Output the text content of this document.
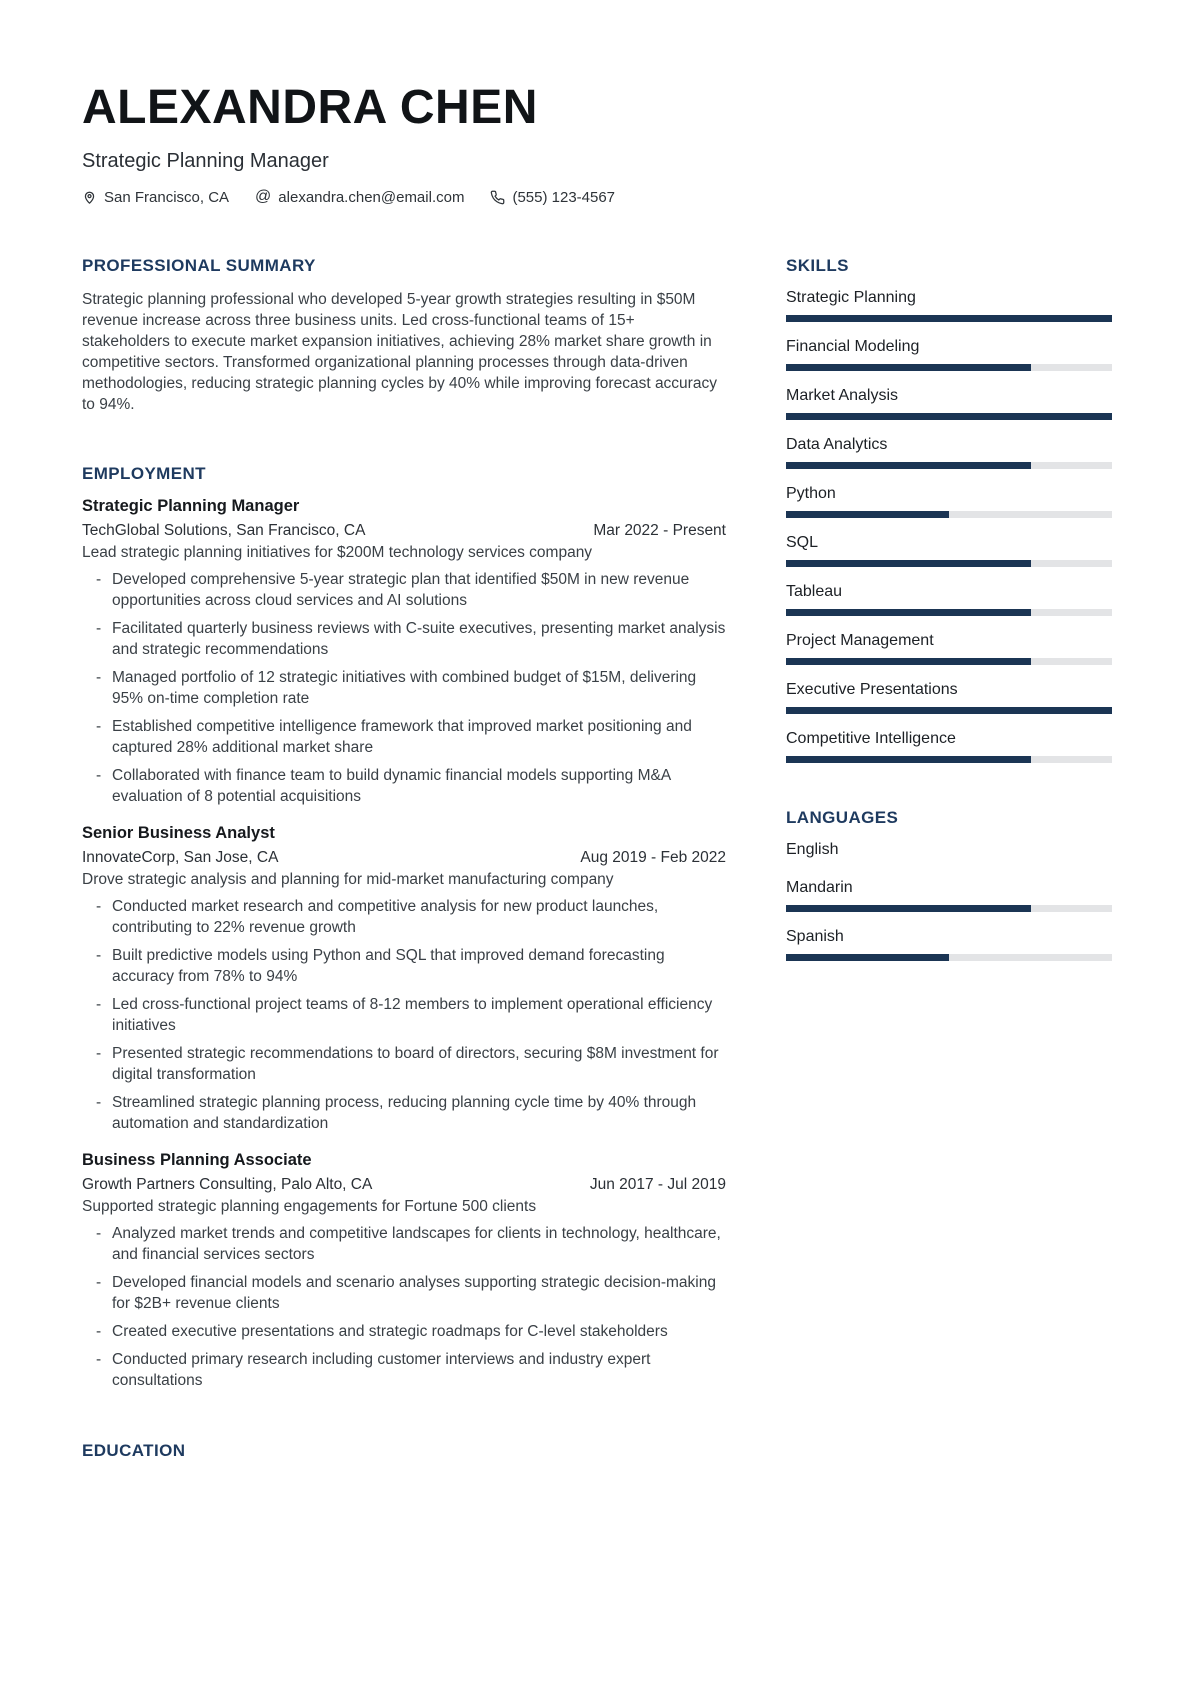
ALEXANDRA CHEN
Strategic Planning Manager
San Francisco, CA @ alexandra.chen@email.com	(555) 123-4567
PROFESSIONAL SUMMARY

Strategic planning professional who developed 5-year growth strategies resulting in $50M revenue increase across three business units. Led cross-functional teams of 15+ stakeholders to execute market expansion initiatives, achieving 28% market share growth in competitive sectors. Transformed organizational planning processes through data-driven methodologies, reducing strategic planning cycles by 40% while improving forecast accuracy to 94%.

EMPLOYMENT
Strategic Planning Manager
TechGlobal Solutions, San Francisco, CA	Mar 2022 - Present
Lead strategic planning initiatives for $200M technology services company
- Developed comprehensive 5-year strategic plan that identified $50M in new revenue opportunities across cloud services and AI solutions
- Facilitated quarterly business reviews with C-suite executives, presenting market analysis and strategic recommendations
- Managed portfolio of 12 strategic initiatives with combined budget of $15M, delivering 95% on-time completion rate
- Established competitive intelligence framework that improved market positioning and captured 28% additional market share
- Collaborated with finance team to build dynamic financial models supporting M&A evaluation of 8 potential acquisitions
Senior Business Analyst
InnovateCorp, San Jose, CA	Aug 2019 - Feb 2022
Drove strategic analysis and planning for mid-market manufacturing company
- Conducted market research and competitive analysis for new product launches, contributing to 22% revenue growth
- Built predictive models using Python and SQL that improved demand forecasting accuracy from 78% to 94%
- Led cross-functional project teams of 8-12 members to implement operational efficiency initiatives
- Presented strategic recommendations to board of directors, securing $8M investment for digital transformation
- Streamlined strategic planning process, reducing planning cycle time by 40% through automation and standardization
Business Planning Associate
Growth Partners Consulting, Palo Alto, CA	Jun 2017 - Jul 2019
Supported strategic planning engagements for Fortune 500 clients
- Analyzed market trends and competitive landscapes for clients in technology, healthcare, and financial services sectors
- Developed financial models and scenario analyses supporting strategic decision-making for $2B+ revenue clients
- Created executive presentations and strategic roadmaps for C-level stakeholders
- Conducted primary research including customer interviews and industry expert consultations
EDUCATION
SKILLS
Strategic Planning
Financial Modeling
Market Analysis
Data Analytics
Python
SQL
Tableau
Project Management
Executive Presentations
Competitive Intelligence
LANGUAGES
English
Mandarin
Spanish
